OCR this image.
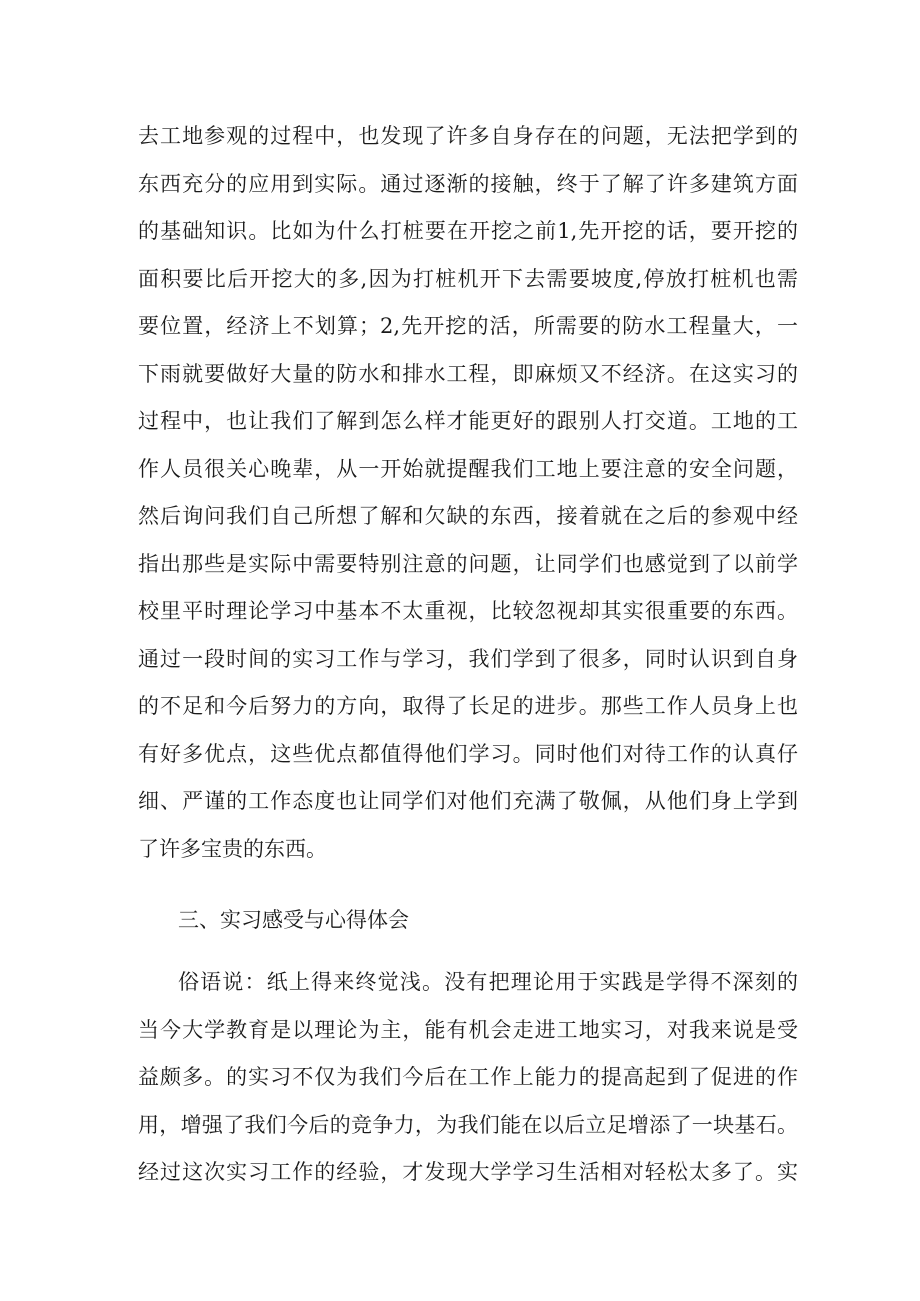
去工地参观的过程中，也发现了许多自身存在的问题，无法把学到的
东西充分的应用到实际。通过逐渐的接触，终于了解了许多建筑方面
的基础知识。比如为什么打桩要在开挖之前1,先开挖的话，要开挖的
面积要比后开挖大的多,因为打桩机开下去需要坡度,停放打桩机也需
要位置，经济上不划算；2,先开挖的活，所需要的防水工程量大，一
下雨就要做好大量的防水和排水工程，即麻烦又不经济。在这实习的
过程中，也让我们了解到怎么样才能更好的跟别人打交道。工地的工
作人员很关心晚辈，从一开始就提醒我们工地上要注意的安全问题，
然后询问我们自己所想了解和欠缺的东西，接着就在之后的参观中经
指出那些是实际中需要特别注意的问题，让同学们也感觉到了以前学
校里平时理论学习中基本不太重视，比较忽视却其实很重要的东西。
通过一段时间的实习工作与学习，我们学到了很多，同时认识到自身
的不足和今后努力的方向，取得了长足的进步。那些工作人员身上也
有好多优点，这些优点都值得他们学习。同时他们对待工作的认真仔
细、严谨的工作态度也让同学们对他们充满了敬佩，从他们身上学到
了许多宝贵的东西。
三、实习感受与心得体会
俗语说：纸上得来终觉浅。没有把理论用于实践是学得不深刻的
当今大学教育是以理论为主，能有机会走进工地实习，对我来说是受
益颇多。的实习不仅为我们今后在工作上能力的提高起到了促进的作
用，增强了我们今后的竞争力，为我们能在以后立足增添了一块基石。
经过这次实习工作的经验，才发现大学学习生活相对轻松太多了。实
